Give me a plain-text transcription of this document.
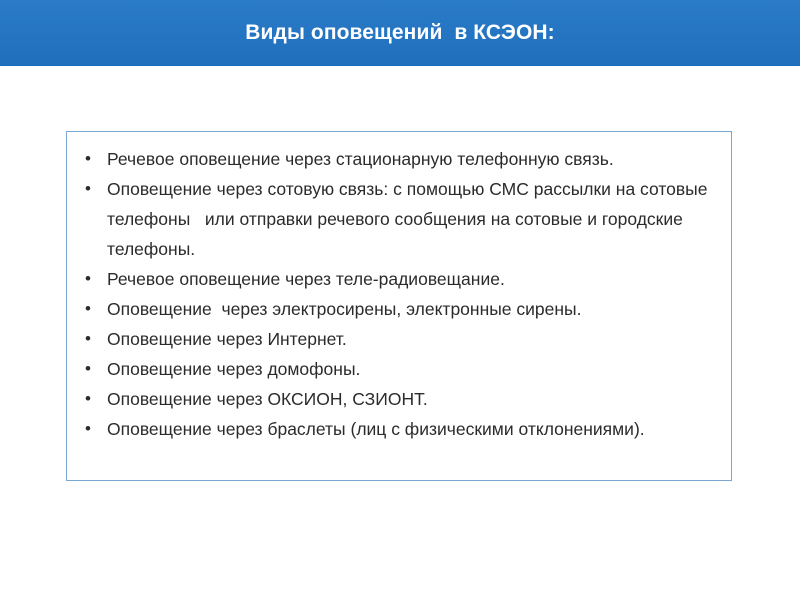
Виды оповещений  в КСЭОН:
• Речевое оповещение через стационарную телефонную связь.
• Оповещение через сотовую связь: с помощью СМС рассылки на сотовые телефоны   или отправки речевого сообщения на сотовые и городские телефоны.
• Речевое оповещение через теле-радиовещание.
• Оповещение  через электросирены, электронные сирены.
• Оповещение через Интернет.
• Оповещение через домофоны.
• Оповещение через ОКСИОН, СЗИОНТ.
• Оповещение через браслеты (лиц с физическими отклонениями).
